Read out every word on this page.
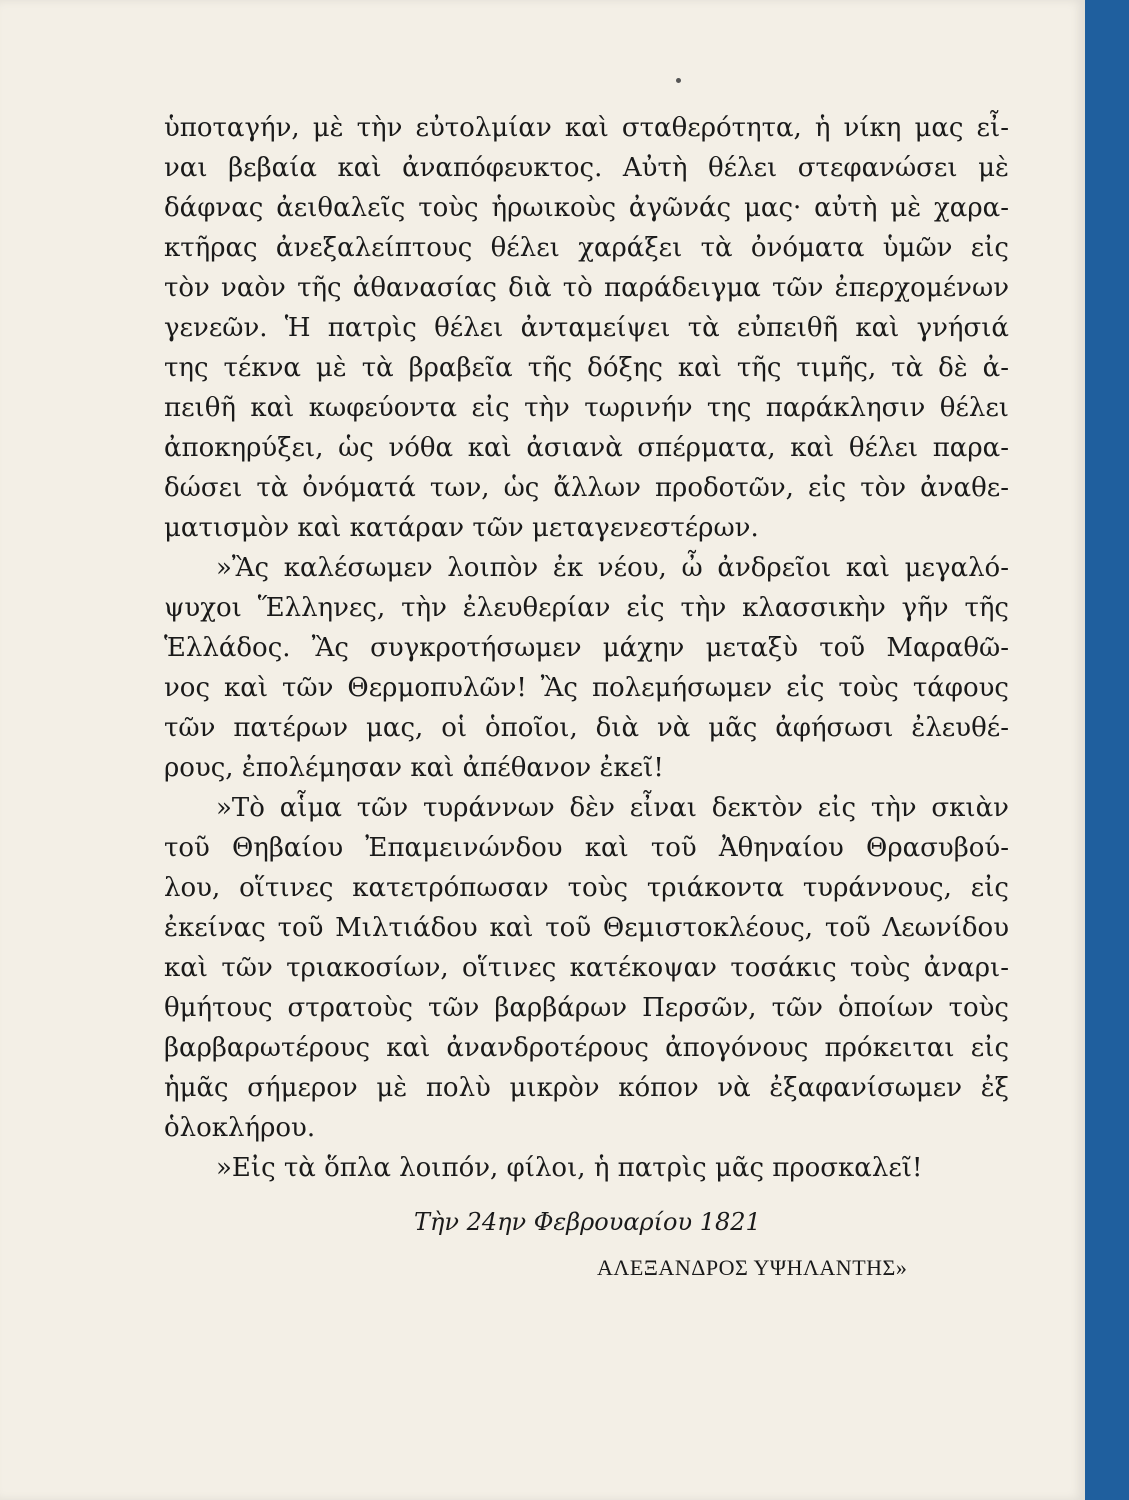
ὑποταγήν, μὲ τὴν εὐτολμίαν καὶ σταθερότητα, ἡ νίκη μας εἶ-
ναι βεβαία καὶ ἀναπόφευκτος. Αὐτὴ θέλει στεφανώσει μὲ
δάφνας ἀειθαλεῖς τοὺς ἡρωικοὺς ἀγῶνάς μας· αὐτὴ μὲ χαρα-
κτῆρας ἀνεξαλείπτους θέλει χαράξει τὰ ὀνόματα ὑμῶν εἰς
τὸν ναὸν τῆς ἀθανασίας διὰ τὸ παράδειγμα τῶν ἐπερχομένων
γενεῶν. Ἡ πατρὶς θέλει ἀνταμείψει τὰ εὐπειθῆ καὶ γνήσιά
της τέκνα μὲ τὰ βραβεῖα τῆς δόξης καὶ τῆς τιμῆς, τὰ δὲ ἀ-
πειθῆ καὶ κωφεύοντα εἰς τὴν τωρινήν της παράκλησιν θέλει
ἀποκηρύξει, ὡς νόθα καὶ ἀσιανὰ σπέρματα, καὶ θέλει παρα-
δώσει τὰ ὀνόματά των, ὡς ἄλλων προδοτῶν, εἰς τὸν ἀναθε-
ματισμὸν καὶ κατάραν τῶν μεταγενεστέρων.
»Ἂς καλέσωμεν λοιπὸν ἐκ νέου, ὦ ἀνδρεῖοι καὶ μεγαλό-
ψυχοι Ἕλληνες, τὴν ἐλευθερίαν εἰς τὴν κλασσικὴν γῆν τῆς
Ἑλλάδος. Ἂς συγκροτήσωμεν μάχην μεταξὺ τοῦ Μαραθῶ-
νος καὶ τῶν Θερμοπυλῶν! Ἂς πολεμήσωμεν εἰς τοὺς τάφους
τῶν πατέρων μας, οἱ ὁποῖοι, διὰ νὰ μᾶς ἀφήσωσι ἐλευθέ-
ρους, ἐπολέμησαν καὶ ἀπέθανον ἐκεῖ!
»Τὸ αἷμα τῶν τυράννων δὲν εἶναι δεκτὸν εἰς τὴν σκιὰν
τοῦ Θηβαίου Ἐπαμεινώνδου καὶ τοῦ Ἀθηναίου Θρασυβού-
λου, οἵτινες κατετρόπωσαν τοὺς τριάκοντα τυράννους, εἰς
ἐκείνας τοῦ Μιλτιάδου καὶ τοῦ Θεμιστοκλέους, τοῦ Λεωνίδου
καὶ τῶν τριακοσίων, οἵτινες κατέκοψαν τοσάκις τοὺς ἀναρι-
θμήτους στρατοὺς τῶν βαρβάρων Περσῶν, τῶν ὁποίων τοὺς
βαρβαρωτέρους καὶ ἀνανδροτέρους ἀπογόνους πρόκειται εἰς
ἡμᾶς σήμερον μὲ πολὺ μικρὸν κόπον νὰ ἐξαφανίσωμεν ἐξ
ὁλοκλήρου.
»Εἰς τὰ ὅπλα λοιπόν, φίλοι, ἡ πατρὶς μᾶς προσκαλεῖ!
Τὴν 24ην Φεβρουαρίου 1821
ΑΛΕΞΑΝΔΡΟΣ ΥΨΗΛΑΝΤΗΣ»
